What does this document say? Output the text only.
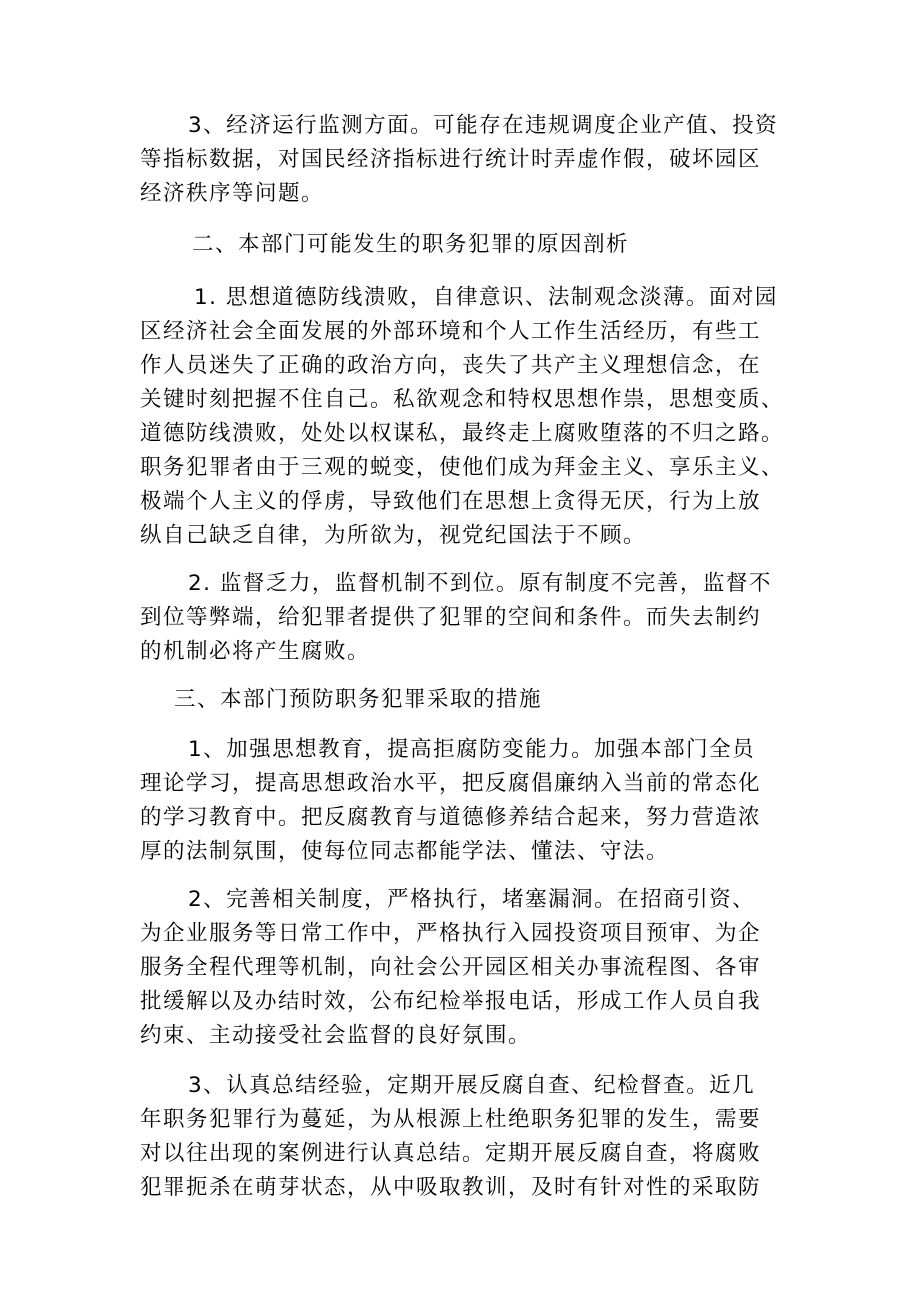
3、经济运行监测方面。可能存在违规调度企业产值、投资
等指标数据，对国民经济指标进行统计时弄虚作假，破坏园区
经济秩序等问题。
二、本部门可能发生的职务犯罪的原因剖析
1. 思想道德防线溃败，自律意识、法制观念淡薄。面对园
区经济社会全面发展的外部环境和个人工作生活经历，有些工
作人员迷失了正确的政治方向，丧失了共产主义理想信念，在
关键时刻把握不住自己。私欲观念和特权思想作祟，思想变质、
道德防线溃败，处处以权谋私，最终走上腐败堕落的不归之路。
职务犯罪者由于三观的蜕变，使他们成为拜金主义、享乐主义、
极端个人主义的俘虏，导致他们在思想上贪得无厌，行为上放
纵自己缺乏自律，为所欲为，视党纪国法于不顾。
2. 监督乏力，监督机制不到位。原有制度不完善，监督不
到位等弊端，给犯罪者提供了犯罪的空间和条件。而失去制约
的机制必将产生腐败。
三、本部门预防职务犯罪采取的措施
1、加强思想教育，提高拒腐防变能力。加强本部门全员
理论学习，提高思想政治水平，把反腐倡廉纳入当前的常态化
的学习教育中。把反腐教育与道德修养结合起来，努力营造浓
厚的法制氛围，使每位同志都能学法、懂法、守法。
2、完善相关制度，严格执行，堵塞漏洞。在招商引资、
为企业服务等日常工作中，严格执行入园投资项目预审、为企
服务全程代理等机制，向社会公开园区相关办事流程图、各审
批缓解以及办结时效，公布纪检举报电话，形成工作人员自我
约束、主动接受社会监督的良好氛围。
3、认真总结经验，定期开展反腐自查、纪检督查。近几
年职务犯罪行为蔓延，为从根源上杜绝职务犯罪的发生，需要
对以往出现的案例进行认真总结。定期开展反腐自查，将腐败
犯罪扼杀在萌芽状态，从中吸取教训，及时有针对性的采取防
